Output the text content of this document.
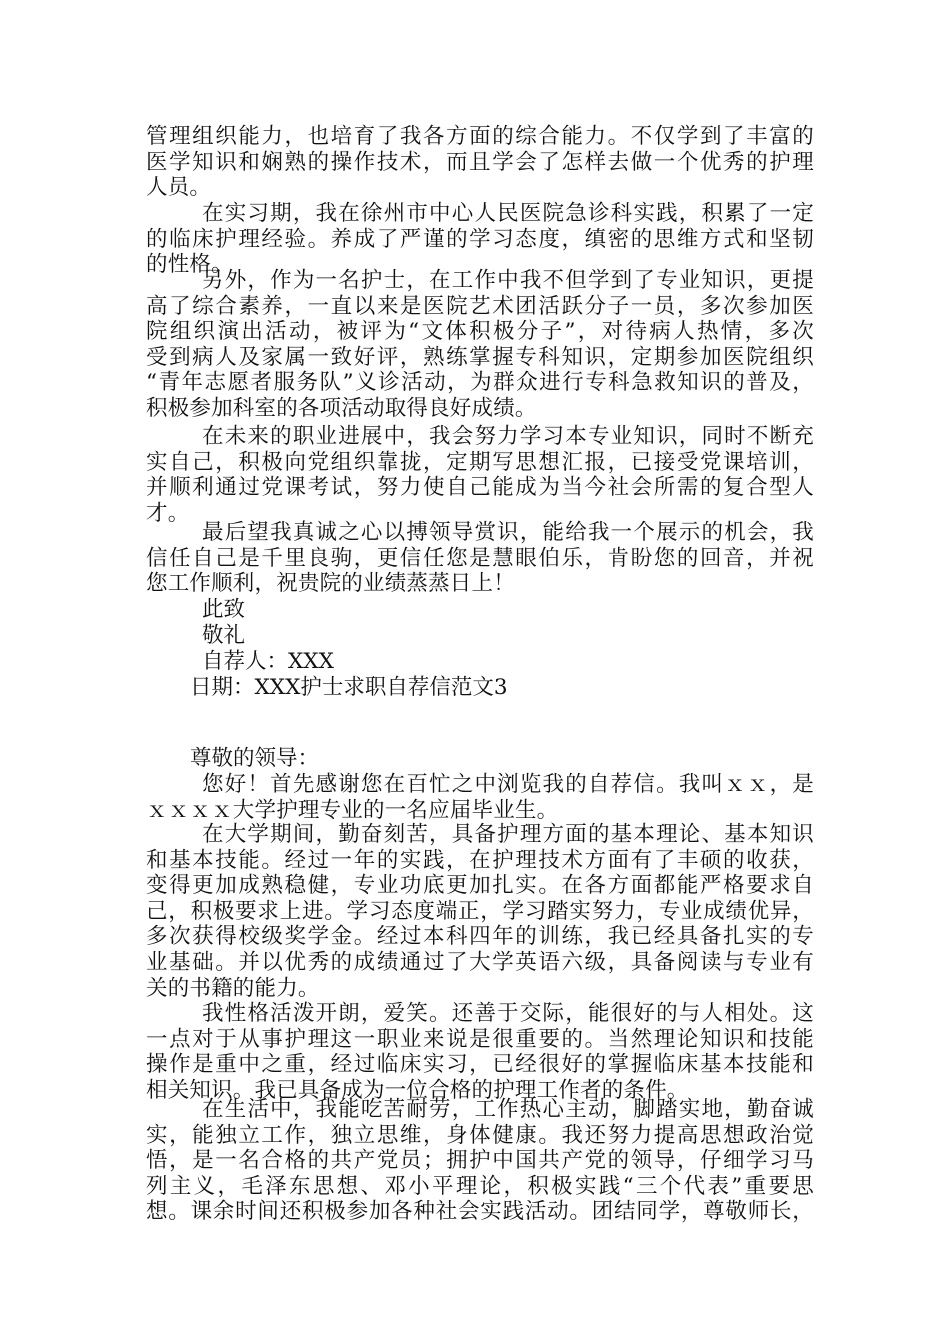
管理组织能力，也培育了我各方面的综合能力。不仅学到了丰富的
医学知识和娴熟的操作技术，而且学会了怎样去做一个优秀的护理
人员。
在实习期，我在徐州市中心人民医院急诊科实践，积累了一定
的临床护理经验。养成了严谨的学习态度，缜密的思维方式和坚韧
的性格。
另外，作为一名护士，在工作中我不但学到了专业知识，更提
高了综合素养，一直以来是医院艺术团活跃分子一员，多次参加医
院组织演出活动，被评为“文体积极分子”，对待病人热情，多次
受到病人及家属一致好评，熟练掌握专科知识，定期参加医院组织
“青年志愿者服务队”义诊活动，为群众进行专科急救知识的普及，
积极参加科室的各项活动取得良好成绩。
在未来的职业进展中，我会努力学习本专业知识，同时不断充
实自己，积极向党组织靠拢，定期写思想汇报，已接受党课培训，
并顺利通过党课考试，努力使自己能成为当今社会所需的复合型人
才。
最后望我真诚之心以搏领导赏识，能给我一个展示的机会，我
信任自己是千里良驹，更信任您是慧眼伯乐，肯盼您的回音，并祝
您工作顺利，祝贵院的业绩蒸蒸日上！

此致

敬礼

自荐人：XXX

日期：XXX护士求职自荐信范文3

尊敬的领导：

您好！首先感谢您在百忙之中浏览我的自荐信。我叫ｘｘ，是
ｘｘｘｘ大学护理专业的一名应届毕业生。
在大学期间，勤奋刻苦，具备护理方面的基本理论、基本知识
和基本技能。经过一年的实践，在护理技术方面有了丰硕的收获，
变得更加成熟稳健，专业功底更加扎实。在各方面都能严格要求自
己，积极要求上进。学习态度端正，学习踏实努力，专业成绩优异，
多次获得校级奖学金。经过本科四年的训练，我已经具备扎实的专
业基础。并以优秀的成绩通过了大学英语六级，具备阅读与专业有
关的书籍的能力。
我性格活泼开朗，爱笑。还善于交际，能很好的与人相处。这
一点对于从事护理这一职业来说是很重要的。当然理论知识和技能
操作是重中之重，经过临床实习，已经很好的掌握临床基本技能和
相关知识。我已具备成为一位合格的护理工作者的条件。
在生活中，我能吃苦耐劳，工作热心主动，脚踏实地，勤奋诚
实，能独立工作，独立思维，身体健康。我还努力提高思想政治觉
悟，是一名合格的共产党员；拥护中国共产党的领导，仔细学习马
列主义，毛泽东思想、邓小平理论，积极实践“三个代表”重要思
想。课余时间还积极参加各种社会实践活动。团结同学，尊敬师长，
